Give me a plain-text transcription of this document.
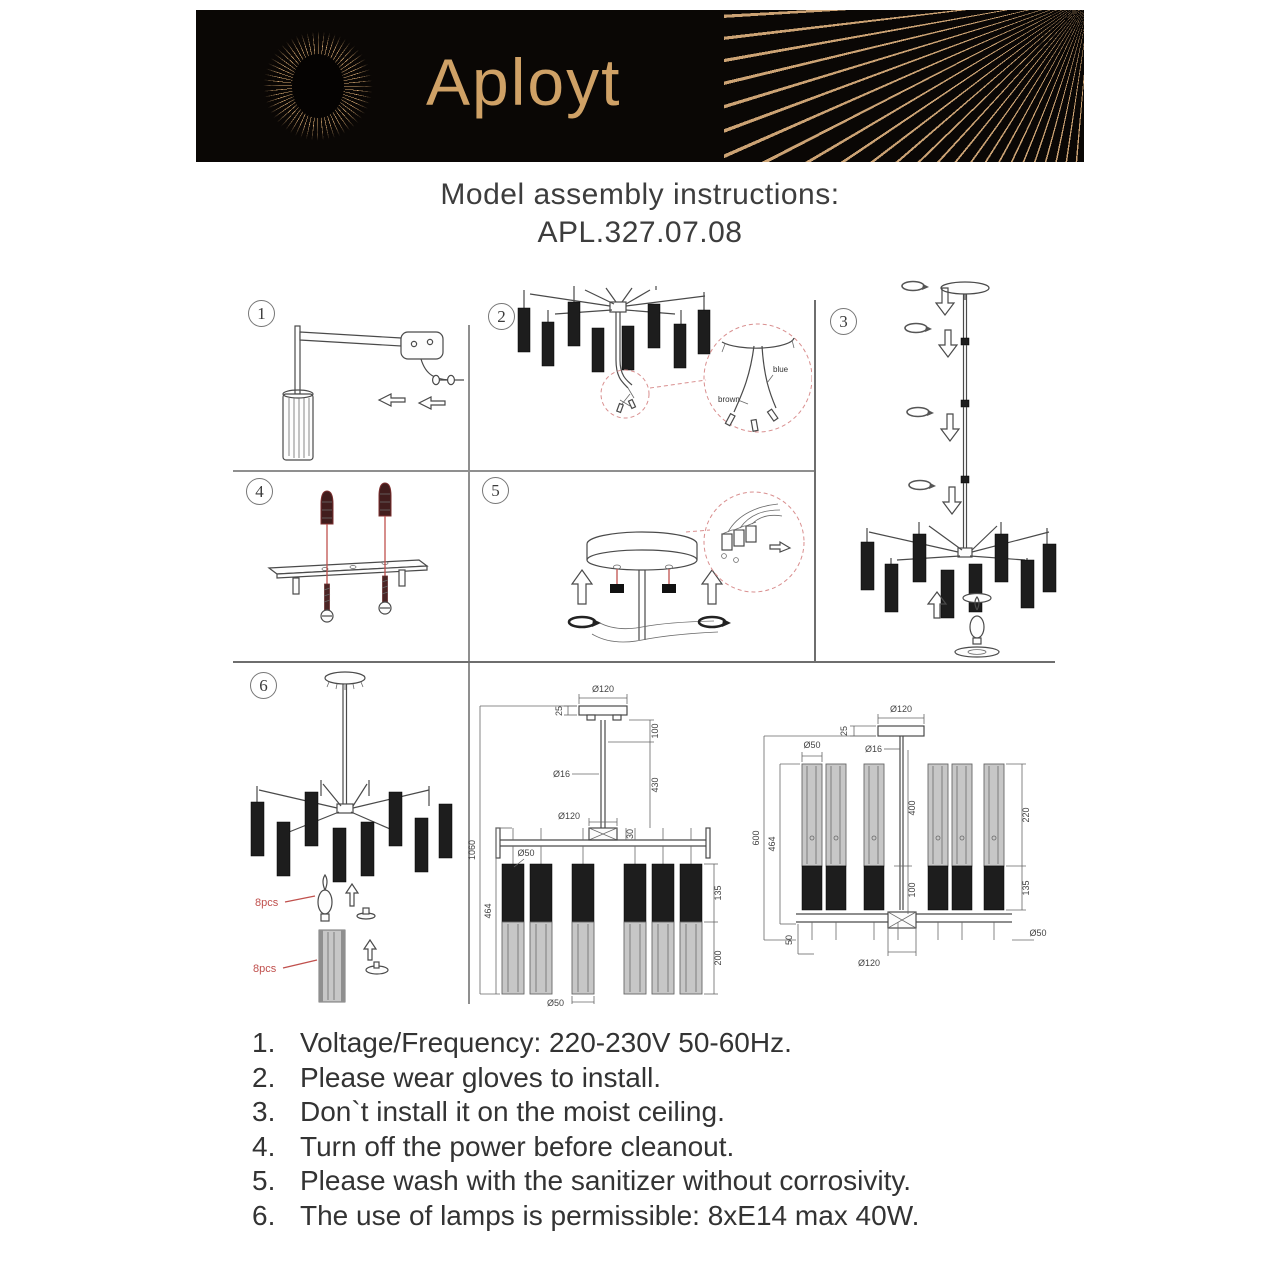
Aployt
Model assembly instructions:
APL.327.07.08
1	2	3
4	5
6
blue
brown
8pcs
8pcs
Ø120
25
100
430
Ø16
Ø120
30
Ø50
1060
464
135
200
Ø50
Ø120
25
Ø16
Ø50
400
100
600 464
220
135
Ø50
Ø120
50
1. Voltage/Frequency: 220-230V 50-60Hz.
2. Please wear gloves to install.
3. Don`t install it on the moist ceiling.
4. Turn off the power before cleanout.
5. Please wash with the sanitizer without corrosivity.
6. The use of lamps is permissible: 8xE14 max 40W.
